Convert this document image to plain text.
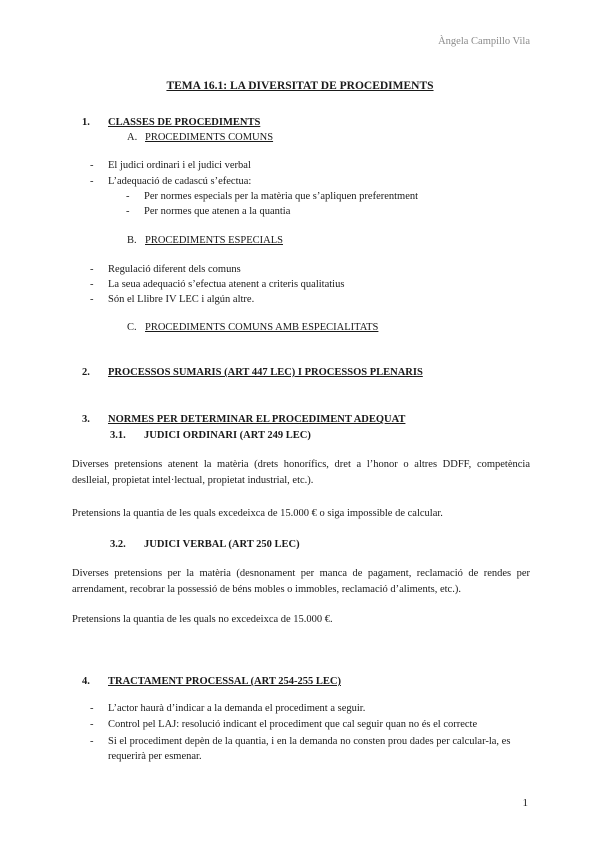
Àngela Campillo Vila
TEMA 16.1: LA DIVERSITAT DE PROCEDIMENTS
1. CLASSES DE PROCEDIMENTS
A. PROCEDIMENTS COMUNS
- El judici ordinari i el judici verbal
- L’adequació de cadascú s’efectua:
- Per normes especials per la matèria que s’apliquen preferentment
- Per normes que atenen a la quantia
B. PROCEDIMENTS ESPECIALS
- Regulació diferent dels comuns
- La seua adequació s’efectua atenent a criteris qualitatius
- Són el Llibre IV LEC i algún altre.
C. PROCEDIMENTS COMUNS AMB ESPECIALITATS
2. PROCESSOS SUMARIS (ART 447 LEC) I PROCESSOS PLENARIS
3. NORMES PER DETERMINAR EL PROCEDIMENT ADEQUAT
3.1. JUDICI ORDINARI (ART 249 LEC)
Diverses pretensions atenent la matèria (drets honorífics, dret a l’honor o altres DDFF, competència deslleial, propietat intel·lectual, propietat industrial, etc.).
Pretensions la quantia de les quals excedeixca de 15.000 € o siga impossible de calcular.
3.2. JUDICI VERBAL (ART 250 LEC)
Diverses pretensions per la matèria (desnonament per manca de pagament, reclamació de rendes per arrendament, recobrar la possessió de béns mobles o immobles, reclamació d’aliments, etc.).
Pretensions la quantia de les quals no excedeixca de 15.000 €.
4. TRACTAMENT PROCESSAL (ART 254-255 LEC)
- L’actor haurà d’indicar a la demanda el procediment a seguir.
- Control pel LAJ: resolució indicant el procediment que cal seguir quan no és el correcte
- Si el procediment depèn de la quantia, i en la demanda no consten prou dades per calcular-la, es requerirà per esmenar.
1
